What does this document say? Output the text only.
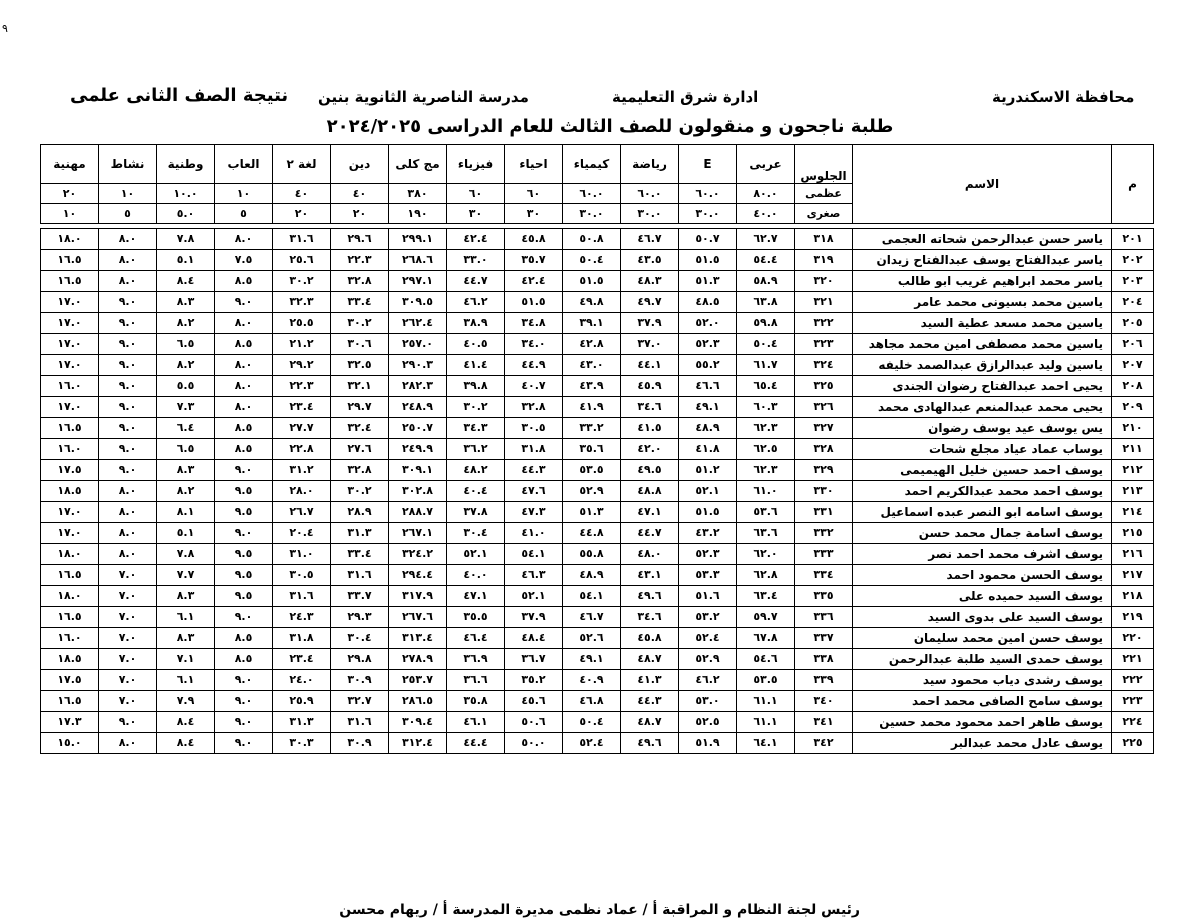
٩
محافظة الاسكندرية
ادارة شرق التعليمية
مدرسة الناصرية الثانوية بنين
نتيجة الصف الثانى علمى
طلبة ناجحون و منقولون للصف الثالث للعام الدراسى ٢٠٢٤/٢٠٢٥
م	الاسم	الجلوس	عربى	E	رياضة	كيمياء	احياء	فيزياء	مج كلى	دين	لغة ٢	العاب	وطنية	نشاط	مهنية
		عظمى	٨٠.٠	٦٠.٠	٦٠.٠	٦٠.٠	٦٠	٦٠	٣٨٠	٤٠	٤٠	١٠	١٠.٠	١٠	٢٠
		صغرى	٤٠.٠	٣٠.٠	٣٠.٠	٣٠.٠	٣٠	٣٠	١٩٠	٢٠	٢٠	٥	٥.٠	٥	١٠

٢٠١	ياسر حسن عبدالرحمن شحاته العجمى	٣١٨	٦٢.٧	٥٠.٧	٤٦.٧	٥٠.٨	٤٥.٨	٤٢.٤	٢٩٩.١	٢٩.٦	٣١.٦	٨.٠	٧.٨	٨.٠	١٨.٠
٢٠٢	ياسر عبدالفتاح يوسف عبدالفتاح زيدان	٣١٩	٥٤.٤	٥١.٥	٤٣.٥	٥٠.٤	٣٥.٧	٣٣.٠	٢٦٨.٦	٢٢.٣	٢٥.٦	٧.٥	٥.١	٨.٠	١٦.٥
٢٠٣	ياسر محمد ابراهيم غريب ابو طالب	٣٢٠	٥٨.٩	٥١.٣	٤٨.٣	٥١.٥	٤٢.٤	٤٤.٧	٢٩٧.١	٣٢.٨	٣٠.٢	٨.٥	٨.٤	٨.٠	١٦.٥
٢٠٤	ياسين محمد بسيونى محمد عامر	٣٢١	٦٣.٨	٤٨.٥	٤٩.٧	٤٩.٨	٥١.٥	٤٦.٢	٣٠٩.٥	٣٣.٤	٣٢.٣	٩.٠	٨.٣	٩.٠	١٧.٠
٢٠٥	ياسين محمد مسعد عطية السيد	٣٢٢	٥٩.٨	٥٢.٠	٣٧.٩	٣٩.١	٣٤.٨	٣٨.٩	٢٦٢.٤	٣٠.٢	٢٥.٥	٨.٠	٨.٢	٩.٠	١٧.٠
٢٠٦	ياسين محمد مصطفى امين محمد مجاهد	٣٢٣	٥٠.٤	٥٢.٣	٣٧.٠	٤٢.٨	٣٤.٠	٤٠.٥	٢٥٧.٠	٣٠.٦	٢١.٢	٨.٥	٦.٥	٩.٠	١٧.٠
٢٠٧	ياسين وليد عبدالرازق عبدالصمد خليفه	٣٢٤	٦١.٧	٥٥.٢	٤٤.١	٤٣.٠	٤٤.٩	٤١.٤	٢٩٠.٣	٣٢.٥	٢٩.٢	٨.٠	٨.٢	٩.٠	١٧.٠
٢٠٨	يحيى احمد عبدالفتاح رضوان الجندى	٣٢٥	٦٥.٤	٤٦.٦	٤٥.٩	٤٣.٩	٤٠.٧	٣٩.٨	٢٨٢.٣	٣٢.١	٢٢.٣	٨.٠	٥.٥	٩.٠	١٦.٠
٢٠٩	يحيى محمد عبدالمنعم عبدالهادى محمد	٣٢٦	٦٠.٣	٤٩.١	٣٤.٦	٤١.٩	٣٢.٨	٣٠.٢	٢٤٨.٩	٢٩.٧	٢٣.٤	٨.٠	٧.٣	٩.٠	١٧.٠
٢١٠	يس يوسف عيد يوسف رضوان	٣٢٧	٦٢.٣	٤٨.٩	٤١.٥	٣٣.٢	٣٠.٥	٣٤.٣	٢٥٠.٧	٣٢.٤	٢٧.٧	٨.٥	٦.٤	٩.٠	١٦.٥
٢١١	يوساب عماد عياد مجلع شحات	٣٢٨	٦٢.٥	٤١.٨	٤٢.٠	٣٥.٦	٣١.٨	٣٦.٢	٢٤٩.٩	٢٧.٦	٢٢.٨	٨.٥	٦.٥	٩.٠	١٦.٠
٢١٢	يوسف احمد حسين خليل الهيميمى	٣٢٩	٦٢.٣	٥١.٢	٤٩.٥	٥٣.٥	٤٤.٣	٤٨.٢	٣٠٩.١	٣٢.٨	٣١.٢	٩.٠	٨.٣	٩.٠	١٧.٥
٢١٣	يوسف احمد محمد عبدالكريم احمد	٣٣٠	٦١.٠	٥٢.١	٤٨.٨	٥٢.٩	٤٧.٦	٤٠.٤	٣٠٢.٨	٣٠.٢	٢٨.٠	٩.٥	٨.٢	٨.٠	١٨.٥
٢١٤	يوسف اسامه ابو النصر عبده اسماعيل	٣٣١	٥٣.٦	٥١.٥	٤٧.١	٥١.٣	٤٧.٣	٣٧.٨	٢٨٨.٧	٢٨.٩	٢٦.٧	٩.٥	٨.١	٨.٠	١٧.٠
٢١٥	يوسف اسامة جمال محمد حسن	٣٣٢	٦٣.٦	٤٣.٢	٤٤.٧	٤٤.٨	٤١.٠	٣٠.٤	٢٦٧.١	٣١.٣	٢٠.٤	٩.٠	٥.١	٨.٠	١٧.٠
٢١٦	يوسف اشرف محمد احمد نصر	٣٣٣	٦٢.٠	٥٢.٣	٤٨.٠	٥٥.٨	٥٤.١	٥٢.١	٣٢٤.٢	٣٣.٤	٣١.٠	٩.٥	٧.٨	٨.٠	١٨.٠
٢١٧	يوسف الحسن محمود احمد	٣٣٤	٦٢.٨	٥٣.٣	٤٣.١	٤٨.٩	٤٦.٣	٤٠.٠	٢٩٤.٤	٣١.٦	٣٠.٥	٩.٥	٧.٧	٧.٠	١٦.٥
٢١٨	يوسف السيد حميده على	٣٣٥	٦٣.٤	٥١.٦	٤٩.٦	٥٤.١	٥٢.١	٤٧.١	٣١٧.٩	٣٣.٧	٣١.٦	٩.٥	٨.٣	٧.٠	١٨.٠
٢١٩	يوسف السيد على بدوى السيد	٣٣٦	٥٩.٧	٥٣.٢	٣٤.٦	٤٦.٧	٣٧.٩	٣٥.٥	٢٦٧.٦	٢٩.٣	٢٤.٣	٩.٠	٦.١	٧.٠	١٦.٥
٢٢٠	يوسف حسن امين محمد سليمان	٣٣٧	٦٧.٨	٥٢.٤	٤٥.٨	٥٢.٦	٤٨.٤	٤٦.٤	٣١٣.٤	٣٠.٤	٣١.٨	٨.٥	٨.٣	٧.٠	١٦.٠
٢٢١	يوسف حمدى السيد طلبة عبدالرحمن	٣٣٨	٥٤.٦	٥٢.٩	٤٨.٧	٤٩.١	٣٦.٧	٣٦.٩	٢٧٨.٩	٢٩.٨	٢٣.٤	٨.٥	٧.١	٧.٠	١٨.٥
٢٢٢	يوسف رشدى دياب محمود سيد	٣٣٩	٥٣.٥	٤٦.٢	٤١.٣	٤٠.٩	٣٥.٢	٣٦.٦	٢٥٣.٧	٣٠.٩	٢٤.٠	٩.٠	٦.١	٧.٠	١٧.٥
٢٢٣	يوسف سامح الصافى محمد احمد	٣٤٠	٦١.١	٥٣.٠	٤٤.٣	٤٦.٨	٤٥.٦	٣٥.٨	٢٨٦.٥	٣٢.٧	٢٥.٩	٩.٠	٧.٩	٧.٠	١٦.٥
٢٢٤	يوسف طاهر احمد محمود محمد حسين	٣٤١	٦١.١	٥٢.٥	٤٨.٧	٥٠.٤	٥٠.٦	٤٦.١	٣٠٩.٤	٣١.٦	٣١.٣	٩.٠	٨.٤	٩.٠	١٧.٣
٢٢٥	يوسف عادل محمد عبدالبر	٣٤٢	٦٤.١	٥١.٩	٤٩.٦	٥٢.٤	٥٠.٠	٤٤.٤	٣١٢.٤	٣٠.٩	٣٠.٣	٩.٠	٨.٤	٨.٠	١٥.٠
رئيس لجنة النظام و المراقبة أ / عماد نظمى مديرة المدرسة أ / ريهام محسن
